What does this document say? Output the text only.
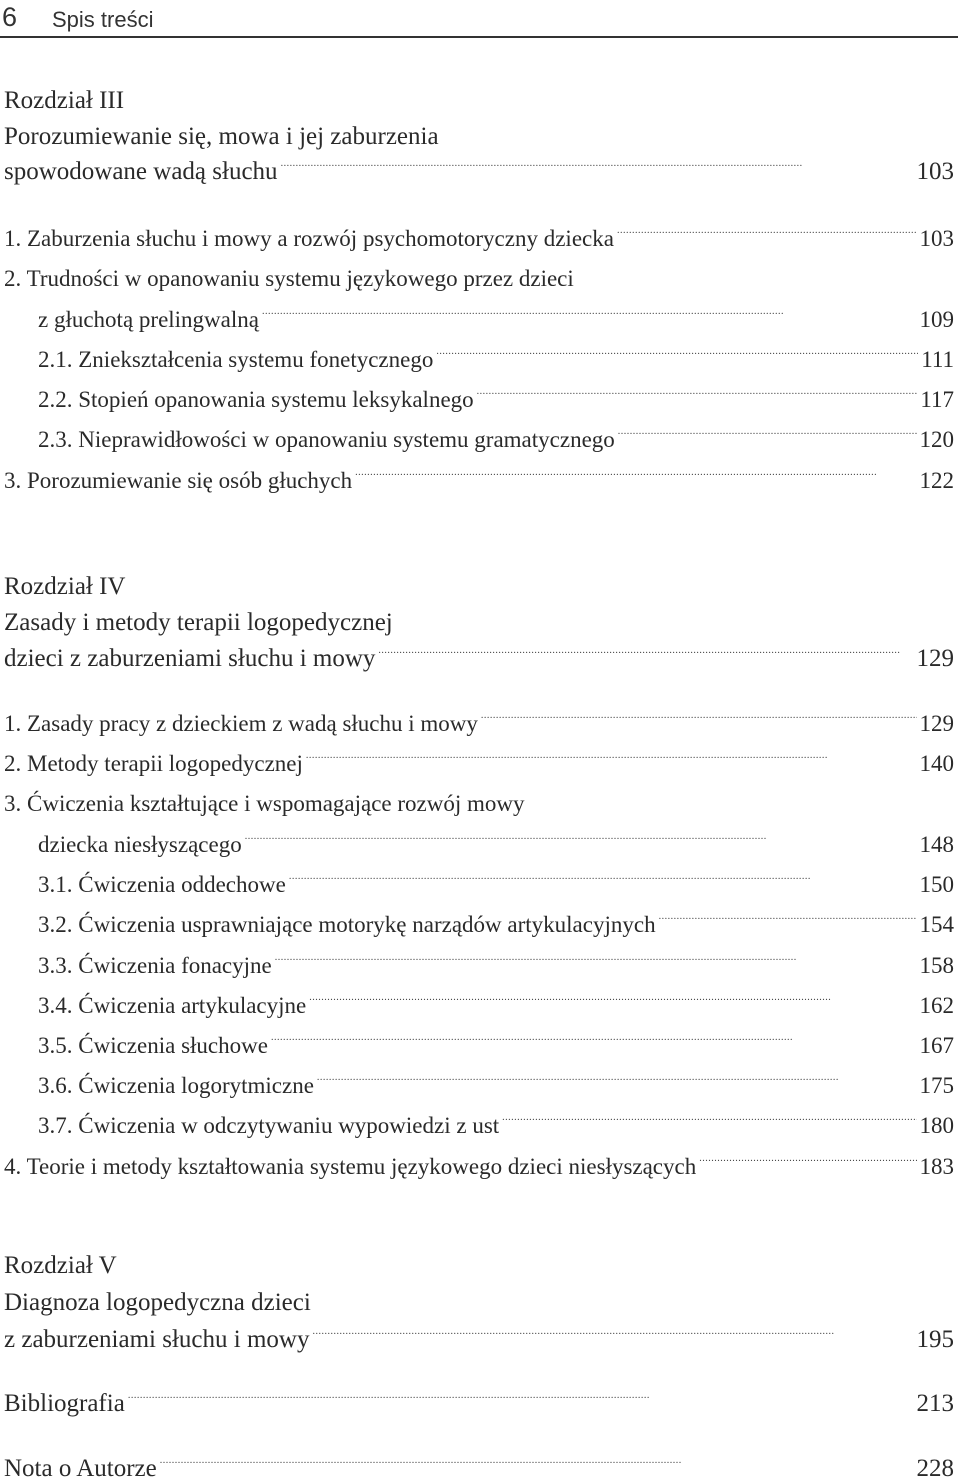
6 Spis treści
Rozdział III
Porozumiewanie się, mowa i jej zaburzenia
spowodowane wadą słuchu . . .	103
1. Zaburzenia słuchu i mowy a rozwój psychomotoryczny dziecka . . .	103
2. Trudności w opanowaniu systemu językowego przez dzieci
z głuchotą prelingwalną . . .	109
2.1. Zniekształcenia systemu fonetycznego . . .	111
2.2. Stopień opanowania systemu leksykalnego . . .	117
2.3. Nieprawidłowości w opanowaniu systemu gramatycznego . . .	120
3. Porozumiewanie się osób głuchych . . .	122
Rozdział IV
Zasady i metody terapii logopedycznej
dzieci z zaburzeniami słuchu i mowy . . .	129
1. Zasady pracy z dzieckiem z wadą słuchu i mowy . . .	129
2. Metody terapii logopedycznej . . .	140
3. Ćwiczenia kształtujące i wspomagające rozwój mowy
dziecka niesłyszącego . . .	148
3.1. Ćwiczenia oddechowe . . .	150
3.2. Ćwiczenia usprawniające motorykę narządów artykulacyjnych . . .	154
3.3. Ćwiczenia fonacyjne . . .	158
3.4. Ćwiczenia artykulacyjne . . .	162
3.5. Ćwiczenia słuchowe . . .	167
3.6. Ćwiczenia logorytmiczne . . .	175
3.7. Ćwiczenia w odczytywaniu wypowiedzi z ust . . .	180
4. Teorie i metody kształtowania systemu językowego dzieci niesłyszących . . .	183
Rozdział V
Diagnoza logopedyczna dzieci
z zaburzeniami słuchu i mowy . . .	195
Bibliografia . . .	213
Nota o Autorze . . .	228
